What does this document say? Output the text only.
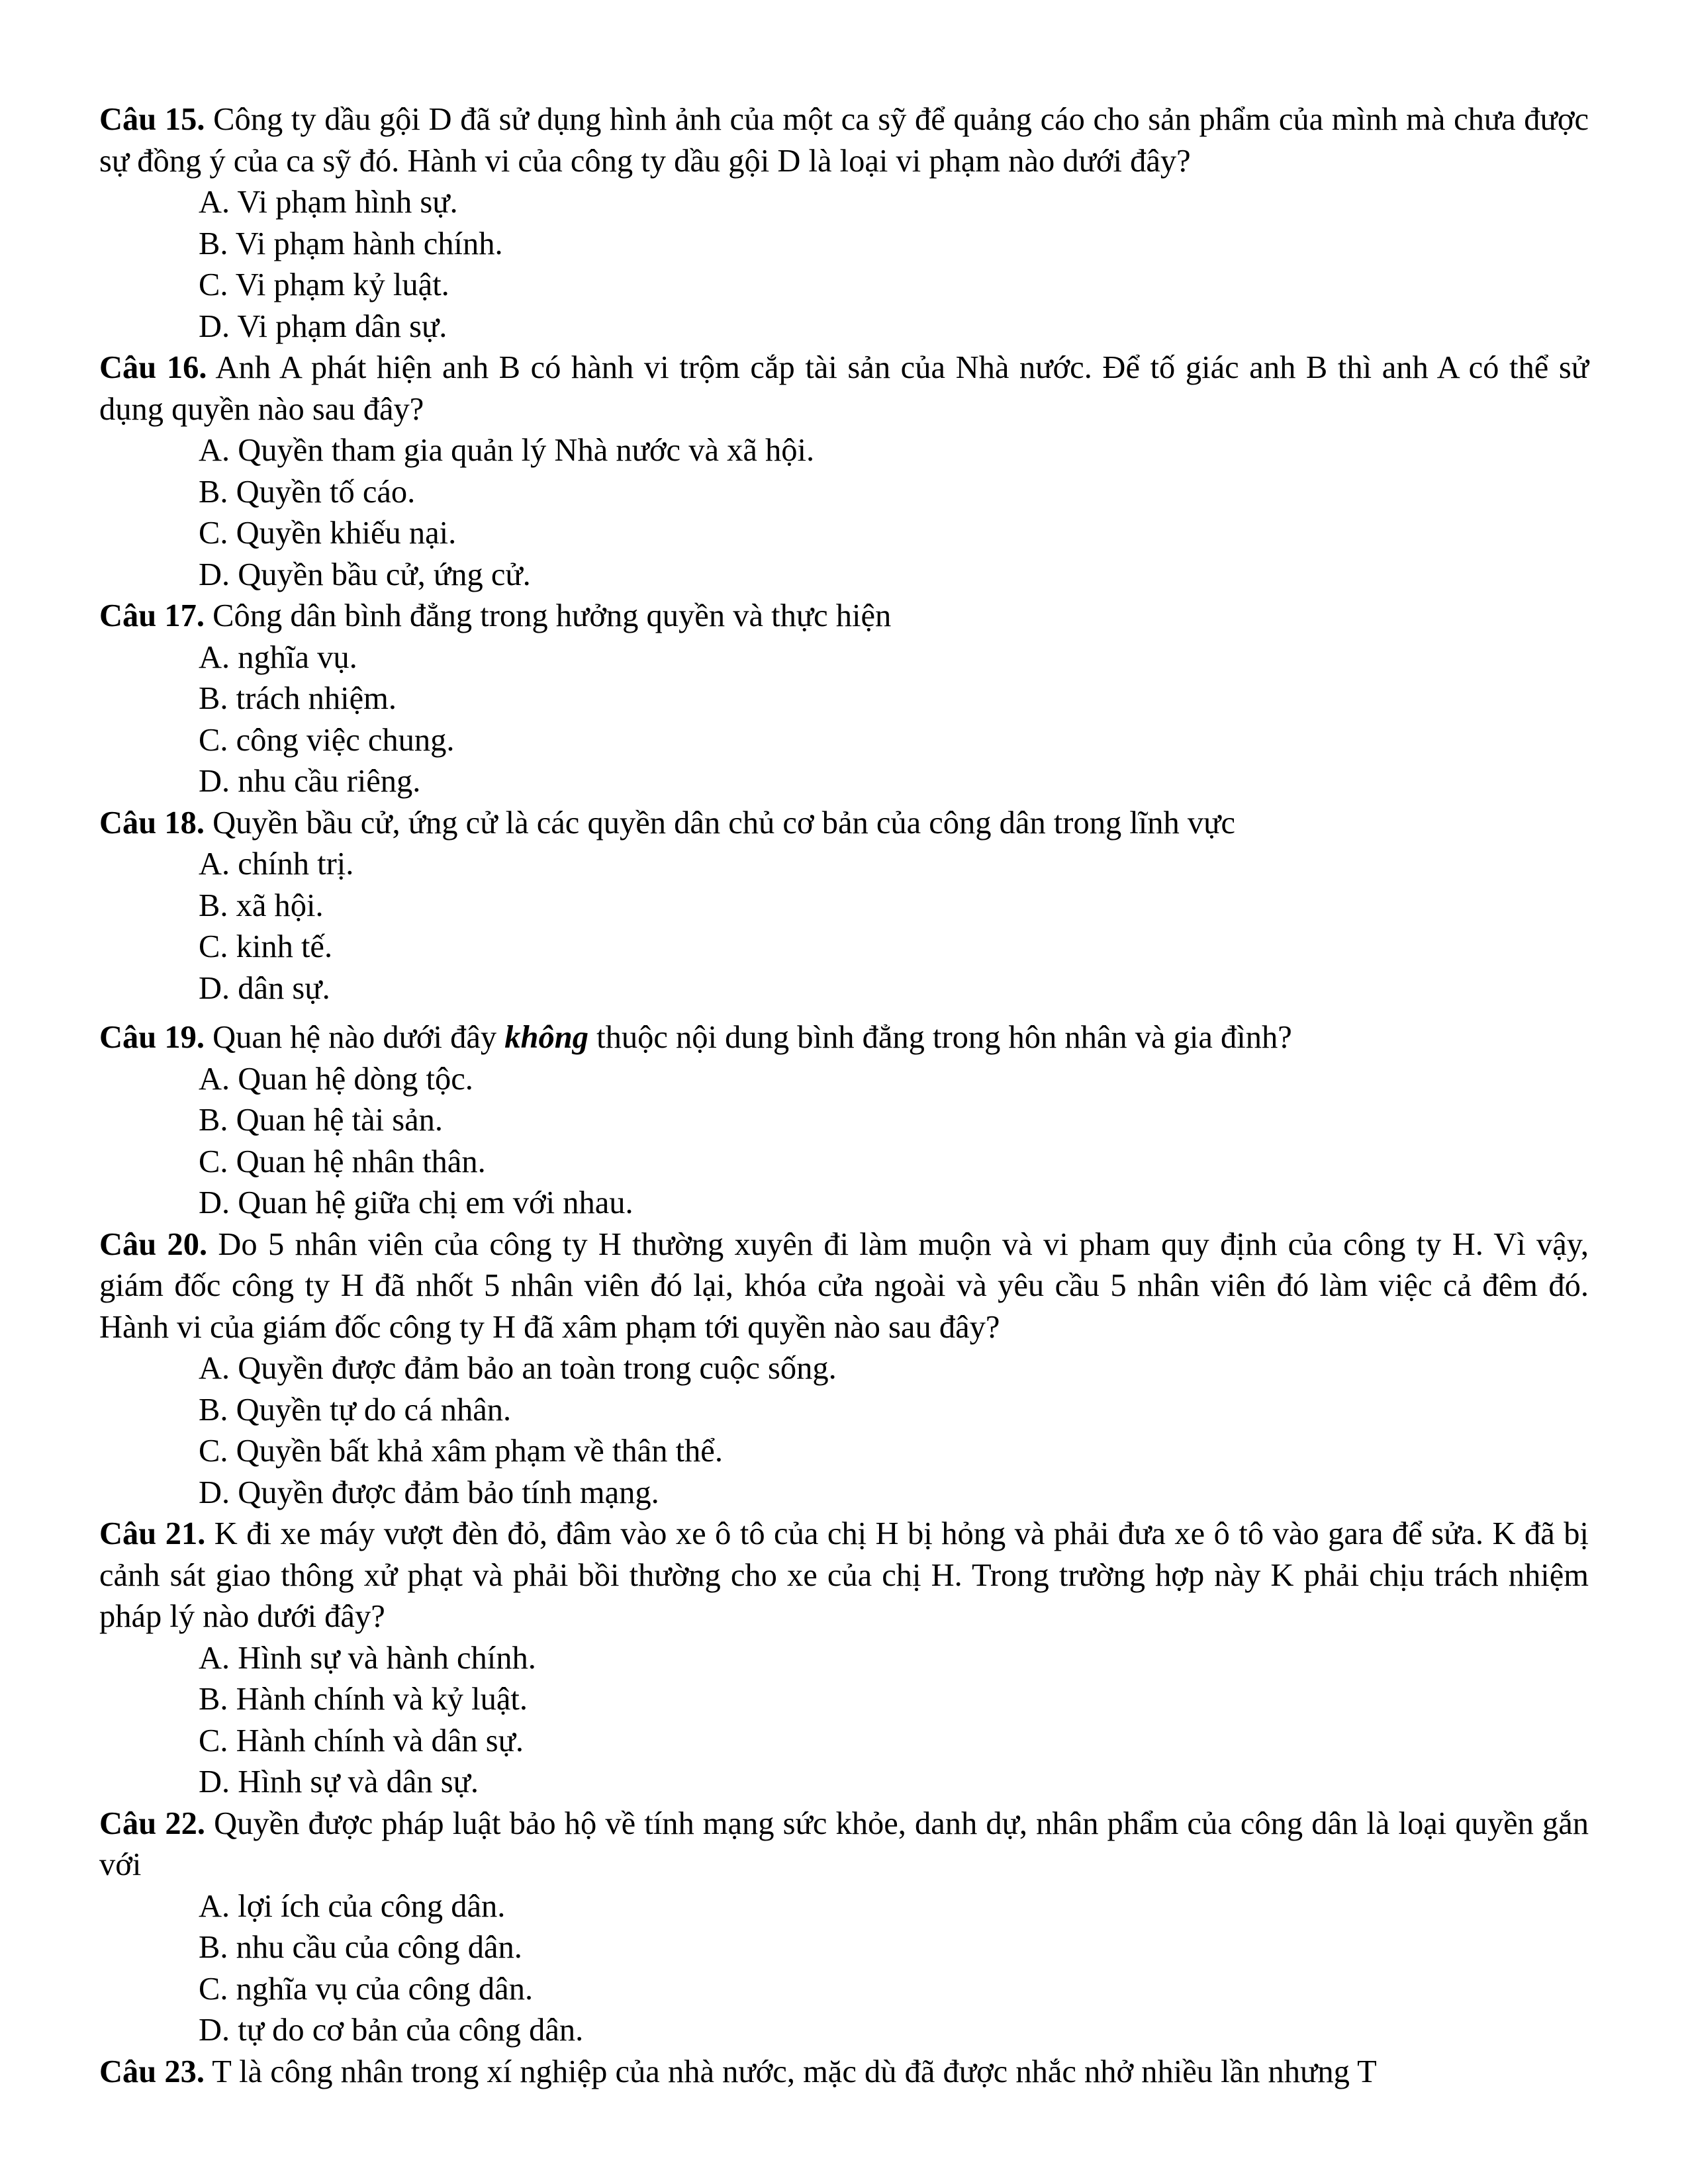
Câu 15. Công ty dầu gội D đã sử dụng hình ảnh của một ca sỹ để quảng cáo cho sản phẩm của mình mà chưa được sự đồng ý của ca sỹ đó. Hành vi của công ty dầu gội D là loại vi phạm nào dưới đây?

A. Vi phạm hình sự.

B. Vi phạm hành chính.

C. Vi phạm kỷ luật.

D. Vi phạm dân sự.

Câu 16. Anh A phát hiện anh B có hành vi trộm cắp tài sản của Nhà nước. Để tố giác anh B thì anh A có thể sử dụng quyền nào sau đây?

A. Quyền tham gia quản lý Nhà nước và xã hội.

B. Quyền tố cáo.

C. Quyền khiếu nại.

D. Quyền bầu cử, ứng cử.

Câu 17. Công dân bình đẳng trong hưởng quyền và thực hiện

A. nghĩa vụ.

B. trách nhiệm.

C. công việc chung.

D. nhu cầu riêng.

Câu 18. Quyền bầu cử, ứng cử là các quyền dân chủ cơ bản của công dân trong lĩnh vực

A. chính trị.

B. xã hội.

C. kinh tế.

D. dân sự.

Câu 19. Quan hệ nào dưới đây không thuộc nội dung bình đẳng trong hôn nhân và gia đình?

A. Quan hệ dòng tộc.

B. Quan hệ tài sản.

C. Quan hệ nhân thân.

D. Quan hệ giữa chị em với nhau.

Câu 20. Do 5 nhân viên của công ty H thường xuyên đi làm muộn và vi pham quy định của công ty H. Vì vậy, giám đốc công ty H đã nhốt 5 nhân viên đó lại, khóa cửa ngoài và yêu cầu 5 nhân viên đó làm việc cả đêm đó. Hành vi của giám đốc công ty H đã xâm phạm tới quyền nào sau đây?

A. Quyền được đảm bảo an toàn trong cuộc sống.

B. Quyền tự do cá nhân.

C. Quyền bất khả xâm phạm về thân thể.

D. Quyền được đảm bảo tính mạng.

Câu 21. K đi xe máy vượt đèn đỏ, đâm vào xe ô tô của chị H bị hỏng và phải đưa xe ô tô vào gara để sửa. K đã bị cảnh sát giao thông xử phạt và phải bồi thường cho xe của chị H. Trong trường hợp này K phải chịu trách nhiệm pháp lý nào dưới đây?

A. Hình sự và hành chính.

B. Hành chính và kỷ luật.

C. Hành chính và dân sự.

D. Hình sự và dân sự.

Câu 22. Quyền được pháp luật bảo hộ về tính mạng sức khỏe, danh dự, nhân phẩm của công dân là loại quyền gắn với

A. lợi ích của công dân.

B. nhu cầu của công dân.

C. nghĩa vụ của công dân.

D. tự do cơ bản của công dân.

Câu 23. T là công nhân trong xí nghiệp của nhà nước, mặc dù đã được nhắc nhở nhiều lần nhưng T
